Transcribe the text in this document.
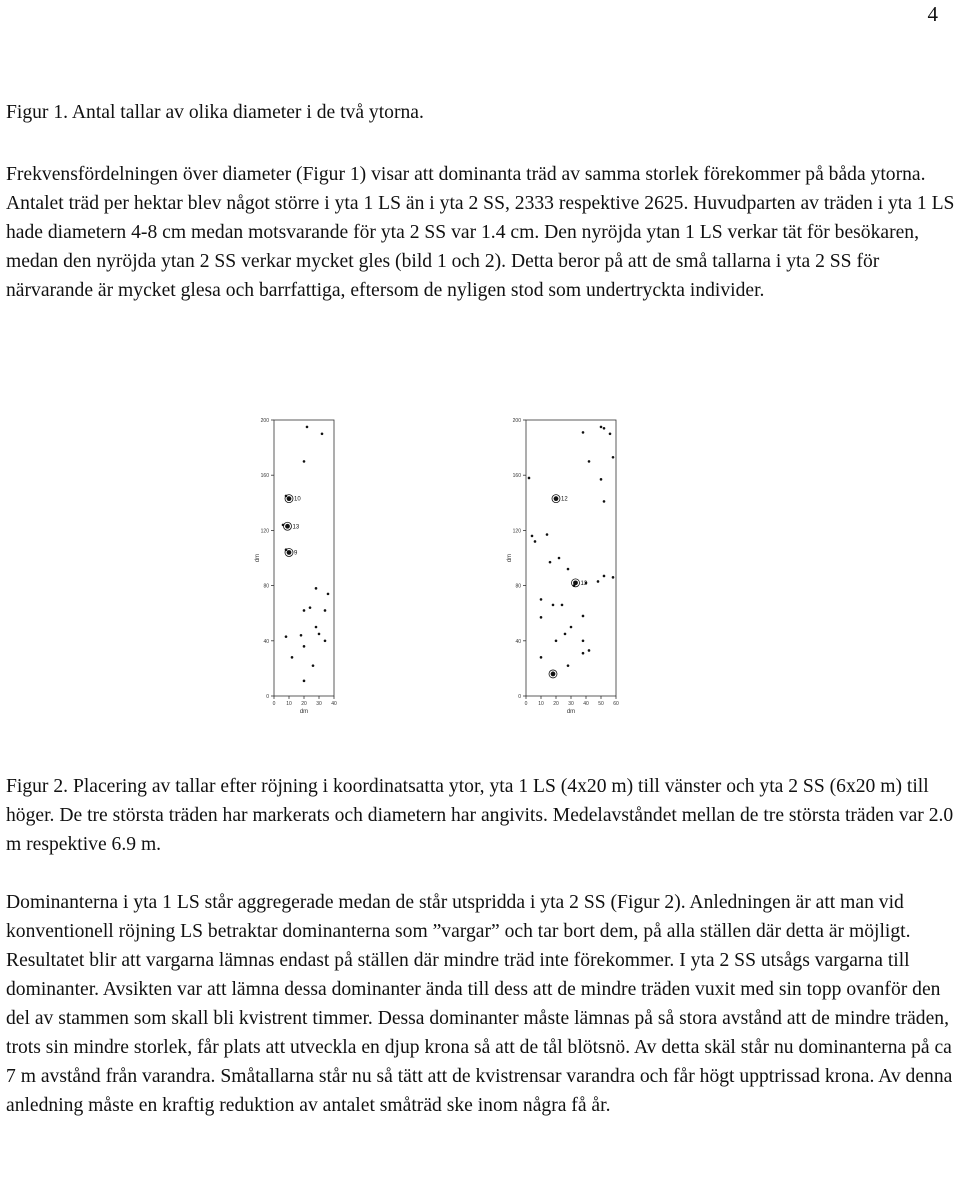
4

Figur 1. Antal tallar av olika diameter i de två ytorna.

Frekvensfördelningen över diameter (Figur 1) visar att dominanta träd av samma storlek förekommer på båda ytorna. Antalet träd per hektar blev något större i yta 1 LS än i yta 2 SS, 2333 respektive 2625. Huvudparten av träden i yta 1 LS hade diametern 4-8 cm medan motsvarande för yta 2 SS var 1.4 cm. Den nyröjda ytan 1 LS verkar tät för besökaren, medan den nyröjda ytan 2 SS verkar mycket gles (bild 1 och 2). Detta beror på att de små tallarna i yta 2 SS för närvarande är mycket glesa och barrfattiga, eftersom de nyligen stod som undertryckta individer.

0
40
80
120
160
200
0 10 20 30 40
dm
dm
10
13
9
0
40
80
120
160
200
0 10 20 30 40 50 60
dm
dm
12
13

Figur 2. Placering av tallar efter röjning i koordinatsatta ytor, yta 1 LS (4x20 m) till vänster och yta 2 SS (6x20 m) till höger. De tre största träden har markerats och diametern har angivits. Medelavståndet mellan de tre största träden var 2.0 m respektive 6.9 m.

Dominanterna i yta 1 LS står aggregerade medan de står utspridda i yta 2 SS (Figur 2). Anledningen är att man vid konventionell röjning LS betraktar dominanterna som ”vargar” och tar bort dem, på alla ställen där detta är möjligt. Resultatet blir att vargarna lämnas endast på ställen där mindre träd inte förekommer. I yta 2 SS utsågs vargarna till dominanter. Avsikten var att lämna dessa dominanter ända till dess att de mindre träden vuxit med sin topp ovanför den del av stammen som skall bli kvistrent timmer. Dessa dominanter måste lämnas på så stora avstånd att de mindre träden, trots sin mindre storlek, får plats att utveckla en djup krona så att de tål blötsnö. Av detta skäl står nu dominanterna på ca 7 m avstånd från varandra. Småtallarna står nu så tätt att de kvistrensar varandra och får högt upptrissad krona. Av denna anledning måste en kraftig reduktion av antalet småträd ske inom några få år.
